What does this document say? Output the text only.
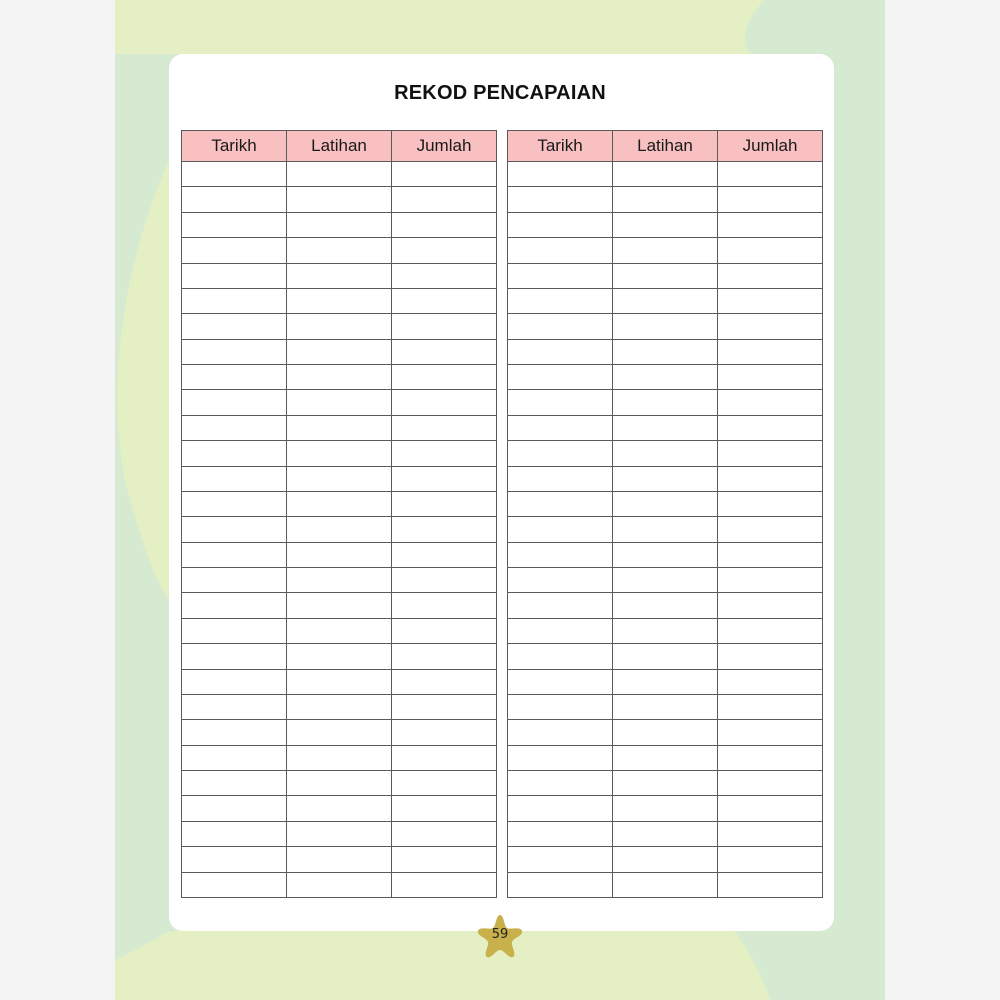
REKOD PENCAPAIAN
Tarikh	Latihan	Jumlah

			Tarikh	Latihan	Jumlah

59
